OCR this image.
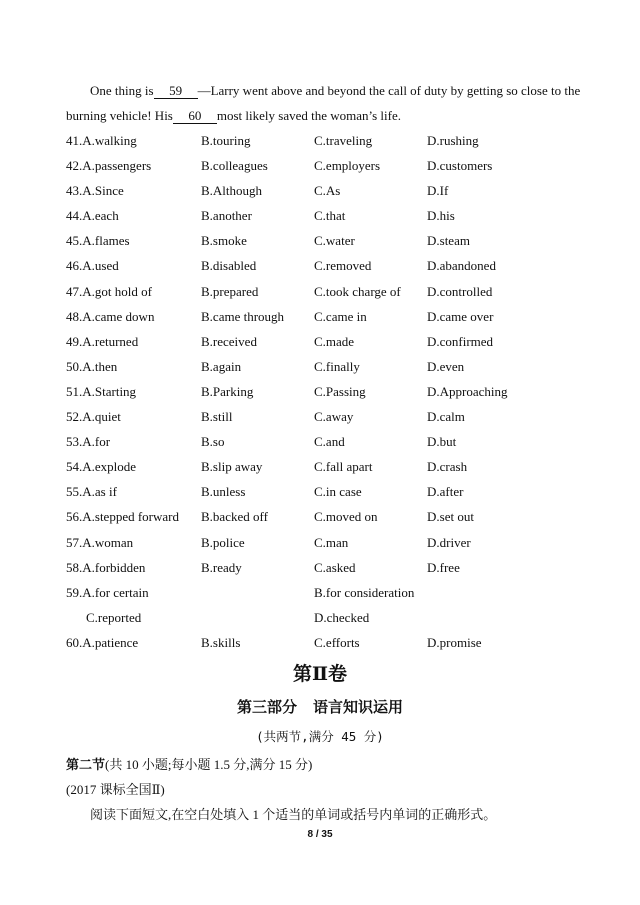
One thing is 59 —Larry went above and beyond the call of duty by getting so close to the
burning vehicle! His 60 most likely saved the woman’s life.
41.A.walking	B.touring	C.traveling	D.rushing
42.A.passengers	B.colleagues	C.employers	D.customers
43.A.Since	B.Although	C.As	D.If
44.A.each	B.another	C.that	D.his
45.A.flames	B.smoke	C.water	D.steam
46.A.used	B.disabled	C.removed	D.abandoned
47.A.got hold of	B.prepared	C.took charge of D.controlled
48.A.came down	B.came through C.came in	D.came over
49.A.returned	B.received	C.made	D.confirmed
50.A.then	B.again	C.finally	D.even
51.A.Starting	B.Parking	C.Passing	D.Approaching
52.A.quiet	B.still	C.away	D.calm
53.A.for	B.so	C.and	D.but
54.A.explode	B.slip away	C.fall apart	D.crash
55.A.as if	B.unless	C.in case	D.after
56.A.stepped forward B.backed off	C.moved on	D.set out
57.A.woman	B.police	C.man	D.driver
58.A.forbidden	B.ready	C.asked	D.free
59.A.for certain	B.for consideration
C.reported	D.checked
60.A.patience	B.skills	C.efforts	D.promise
第Ⅱ卷
第三部分 语言知识运用
(共两节,满分 45 分)
第二节(共 10 小题;每小题 1.5 分,满分 15 分)
(2017 课标全国Ⅱ)
阅读下面短文,在空白处填入 1 个适当的单词或括号内单词的正确形式。
8 / 35
